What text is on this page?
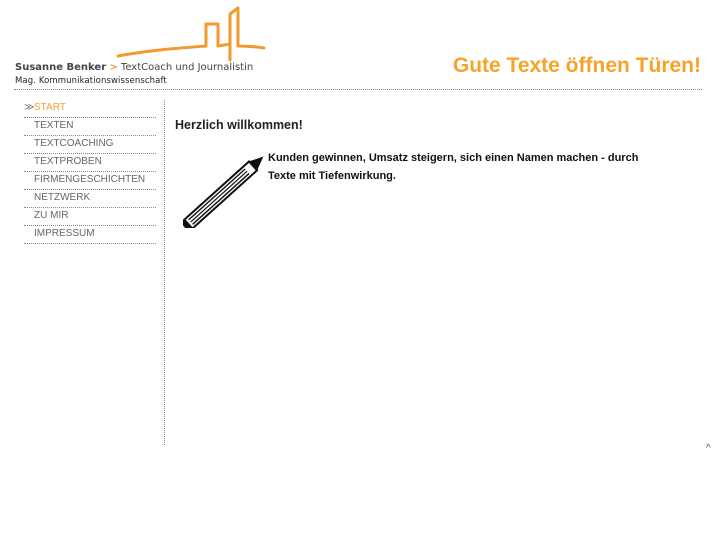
Susanne Benker > TextCoach und Journalistin
Mag. Kommunikationswissenschaft
Gute Texte öffnen Türen!
≫ START
TEXTEN
TEXTCOACHING
TEXTPROBEN
FIRMENGESCHICHTEN
NETZWERK
ZU MIR
IMPRESSUM
Herzlich willkommen!

Kunden gewinnen, Umsatz steigern, sich einen Namen machen - durch Texte mit Tiefenwirkung.

^
